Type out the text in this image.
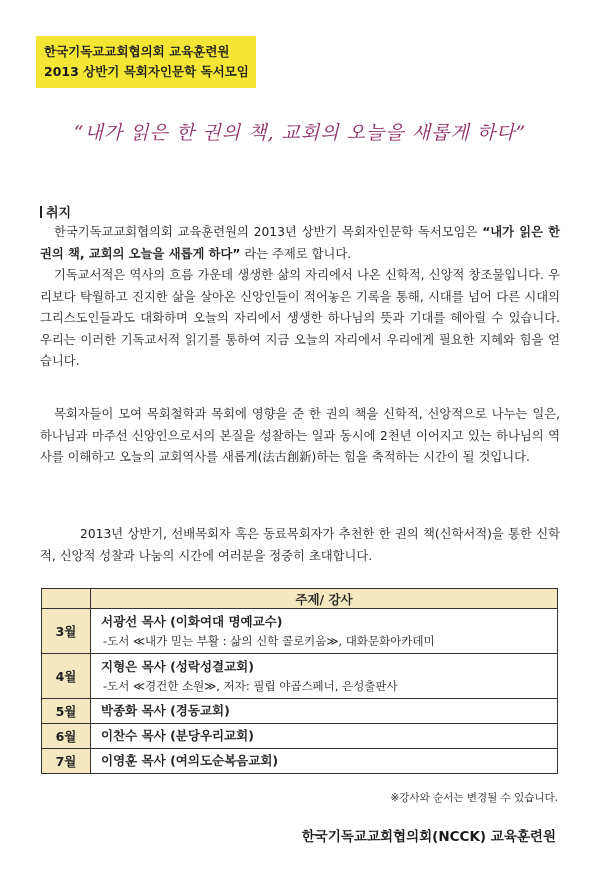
한국기독교교회협의회 교육훈련원
2013 상반기 목회자인문학 독서모임
“내가 읽은 한 권의 책, 교회의 오늘을 새롭게 하다”
취지
한국기독교교회협의회 교육훈련원의 2013년 상반기 목회자인문학 독서모임은 “내가 읽은 한 권의 책, 교회의 오늘을 새롭게 하다” 라는 주제로 합니다.
기독교서적은 역사의 흐름 가운데 생생한 삶의 자리에서 나온 신학적, 신앙적 창조물입니다. 우리보다 탁월하고 진지한 삶을 살아온 신앙인들이 적어놓은 기록을 통해, 시대를 넘어 다른 시대의 그리스도인들과도 대화하며 오늘의 자리에서 생생한 하나님의 뜻과 기대를 헤아릴 수 있습니다. 우리는 이러한 기독교서적 읽기를 통하여 지금 오늘의 자리에서 우리에게 필요한 지혜와 힘을 얻습니다.
목회자들이 모여 목회철학과 목회에 영향을 준 한 권의 책을 신학적, 신앙적으로 나누는 일은, 하나님과 마주선 신앙인으로서의 본질을 성찰하는 일과 동시에 2천년 이어지고 있는 하나님의 역사를 이해하고 오늘의 교회역사를 새롭게(法古創新)하는 힘을 축적하는 시간이 될 것입니다.
2013년 상반기, 선배목회자 혹은 동료목회자가 추천한 한 권의 책(신학서적)을 통한 신학적, 신앙적 성찰과 나눔의 시간에 여러분을 정중히 초대합니다.
	주제/ 강사
3월	서광선 목사 (이화여대 명예교수)
-도서 ≪내가 믿는 부활 : 삶의 신학 콜로키움≫, 대화문화아카데미

4월	지형은 목사 (성락성결교회)
-도서 ≪경건한 소원≫, 저자: 필립 야곱스페너, 은성출판사

5월	박종화 목사 (경동교회)

6월	이찬수 목사 (분당우리교회)

7월	이영훈 목사 (여의도순복음교회)
※강사와 순서는 변경될 수 있습니다.
한국기독교교회협의회(NCCK) 교육훈련원
